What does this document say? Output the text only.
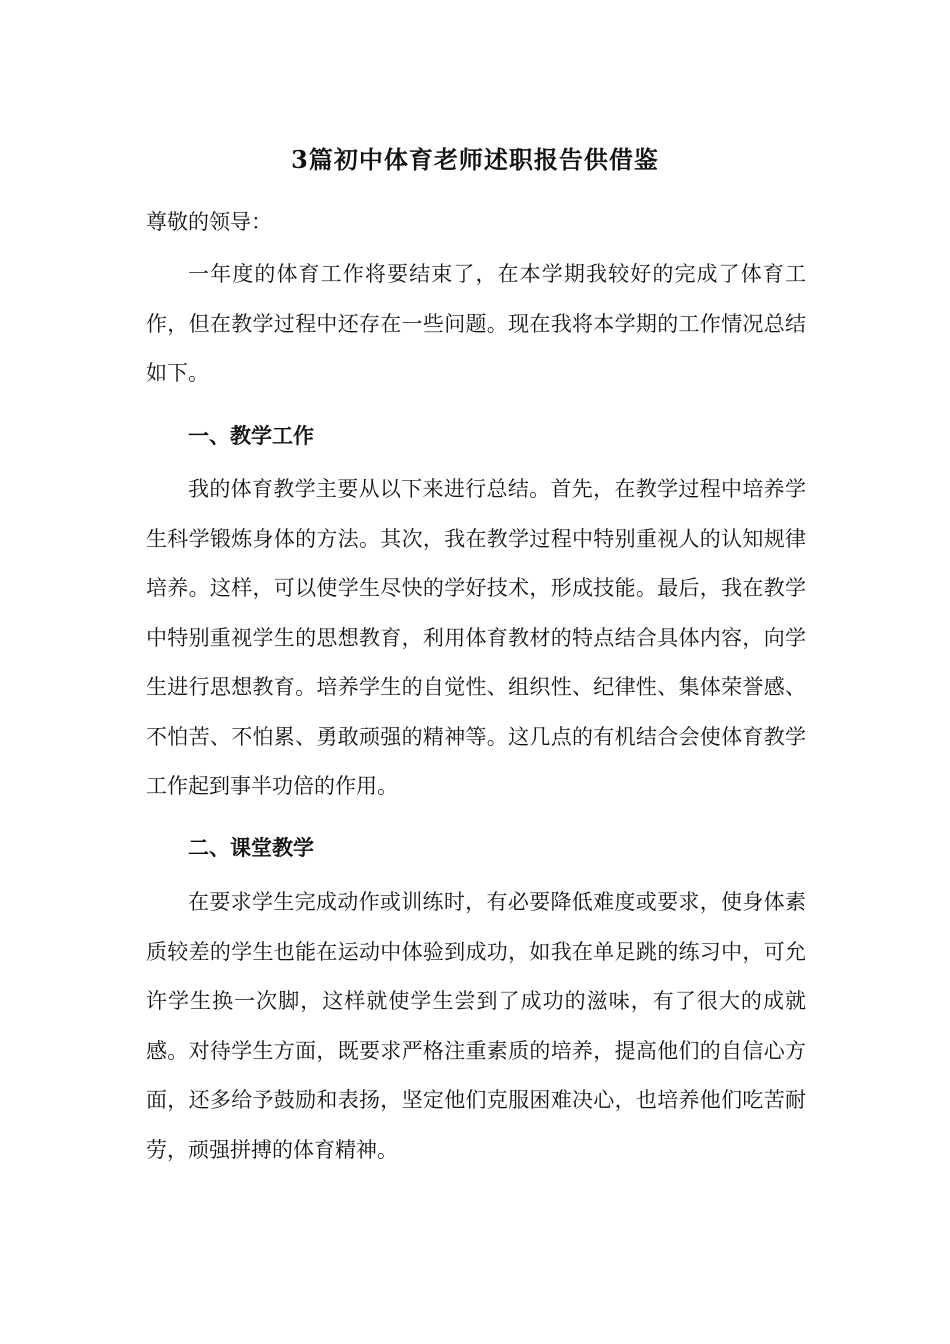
3篇初中体育老师述职报告供借鉴

尊敬的领导：

一年度的体育工作将要结束了，在本学期我较好的完成了体育工作，但在教学过程中还存在一些问题。现在我将本学期的工作情况总结如下。

一、教学工作

我的体育教学主要从以下来进行总结。首先，在教学过程中培养学生科学锻炼身体的方法。其次，我在教学过程中特别重视人的认知规律培养。这样，可以使学生尽快的学好技术，形成技能。最后，我在教学中特别重视学生的思想教育，利用体育教材的特点结合具体内容，向学生进行思想教育。培养学生的自觉性、组织性、纪律性、集体荣誉感、不怕苦、不怕累、勇敢顽强的精神等。这几点的有机结合会使体育教学工作起到事半功倍的作用。

二、课堂教学

在要求学生完成动作或训练时，有必要降低难度或要求，使身体素质较差的学生也能在运动中体验到成功，如我在单足跳的练习中，可允许学生换一次脚，这样就使学生尝到了成功的滋味，有了很大的成就感。对待学生方面，既要求严格注重素质的培养，提高他们的自信心方面，还多给予鼓励和表扬，坚定他们克服困难决心，也培养他们吃苦耐劳，顽强拼搏的体育精神。
